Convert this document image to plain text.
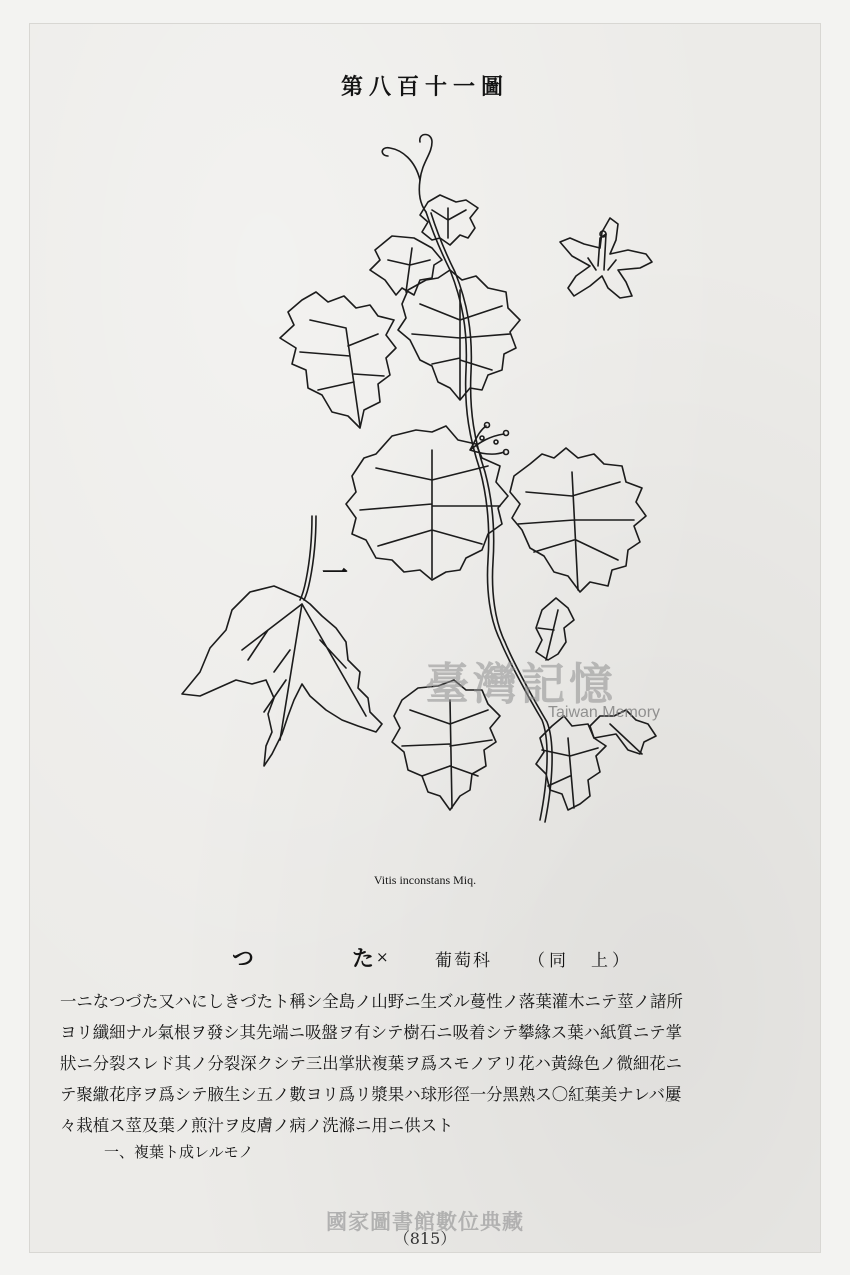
第八百十一圖
一
Vitis inconstans Miq.
つ	た ×	葡萄科 （同　上）
一ニなつづた又ハにしきづたト稱シ全島ノ山野ニ生ズル蔓性ノ落葉灌木ニテ莖ノ諸所
ヨリ纖細ナル氣根ヲ發シ其先端ニ吸盤ヲ有シテ樹石ニ吸着シテ攀緣ス葉ハ紙質ニテ掌
狀ニ分裂スレド其ノ分裂深クシテ三出掌狀複葉ヲ爲スモノアリ花ハ黃綠色ノ微細花ニ
テ聚繖花序ヲ爲シテ腋生シ五ノ數ヨリ爲リ漿果ハ球形徑一分黑熟ス〇紅葉美ナレバ屢
々栽植ス莖及葉ノ煎汁ヲ皮膚ノ病ノ洗滌ニ用ニ供スト
一、複葉ト成レルモノ
臺灣記憶
Taiwan Memory
國家圖書館數位典藏
（815）
